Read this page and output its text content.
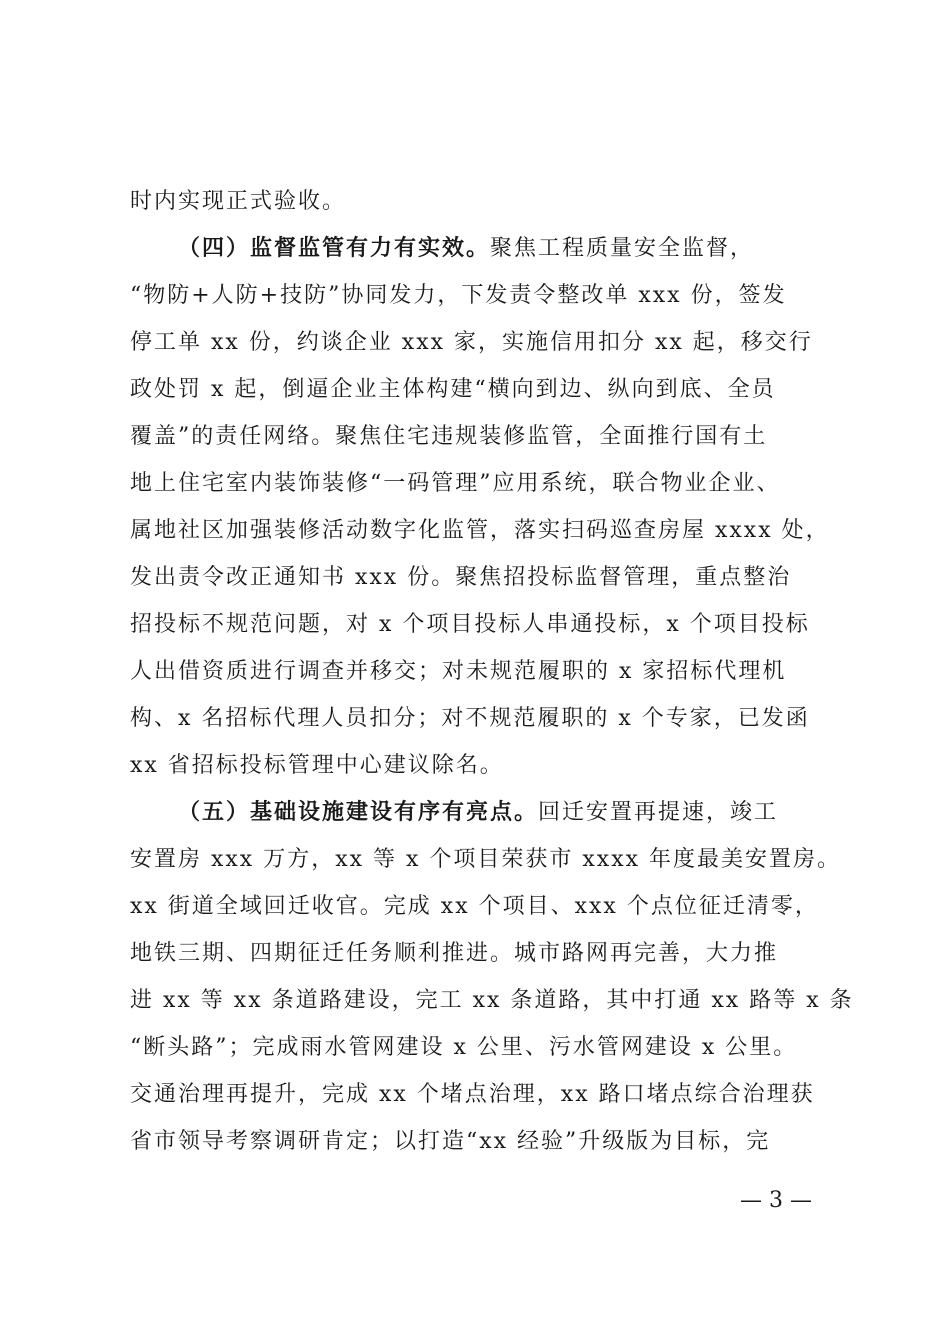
时内实现正式验收。
（四）监督监管有力有实效。聚焦工程质量安全监督，
“物防+人防+技防”协同发力，下发责令整改单 xxx 份，签发
停工单 xx 份，约谈企业 xxx 家，实施信用扣分 xx 起，移交行
政处罚 x 起，倒逼企业主体构建“横向到边、纵向到底、全员
覆盖”的责任网络。聚焦住宅违规装修监管，全面推行国有土
地上住宅室内装饰装修“一码管理”应用系统，联合物业企业、
属地社区加强装修活动数字化监管，落实扫码巡查房屋 xxxx 处，
发出责令改正通知书 xxx 份。聚焦招投标监督管理，重点整治
招投标不规范问题，对 x 个项目投标人串通投标，x 个项目投标
人出借资质进行调查并移交；对未规范履职的 x 家招标代理机
构、x 名招标代理人员扣分；对不规范履职的 x 个专家，已发函
xx 省招标投标管理中心建议除名。
（五）基础设施建设有序有亮点。回迁安置再提速，竣工
安置房 xxx 万方，xx 等 x 个项目荣获市 xxxx 年度最美安置房。
xx 街道全域回迁收官。完成 xx 个项目、xxx 个点位征迁清零，
地铁三期、四期征迁任务顺利推进。城市路网再完善，大力推
进 xx 等 xx 条道路建设，完工 xx 条道路，其中打通 xx 路等 x 条
“断头路”；完成雨水管网建设 x 公里、污水管网建设 x 公里。
交通治理再提升，完成 xx 个堵点治理，xx 路口堵点综合治理获
省市领导考察调研肯定；以打造“xx 经验”升级版为目标，完
— 3 —
